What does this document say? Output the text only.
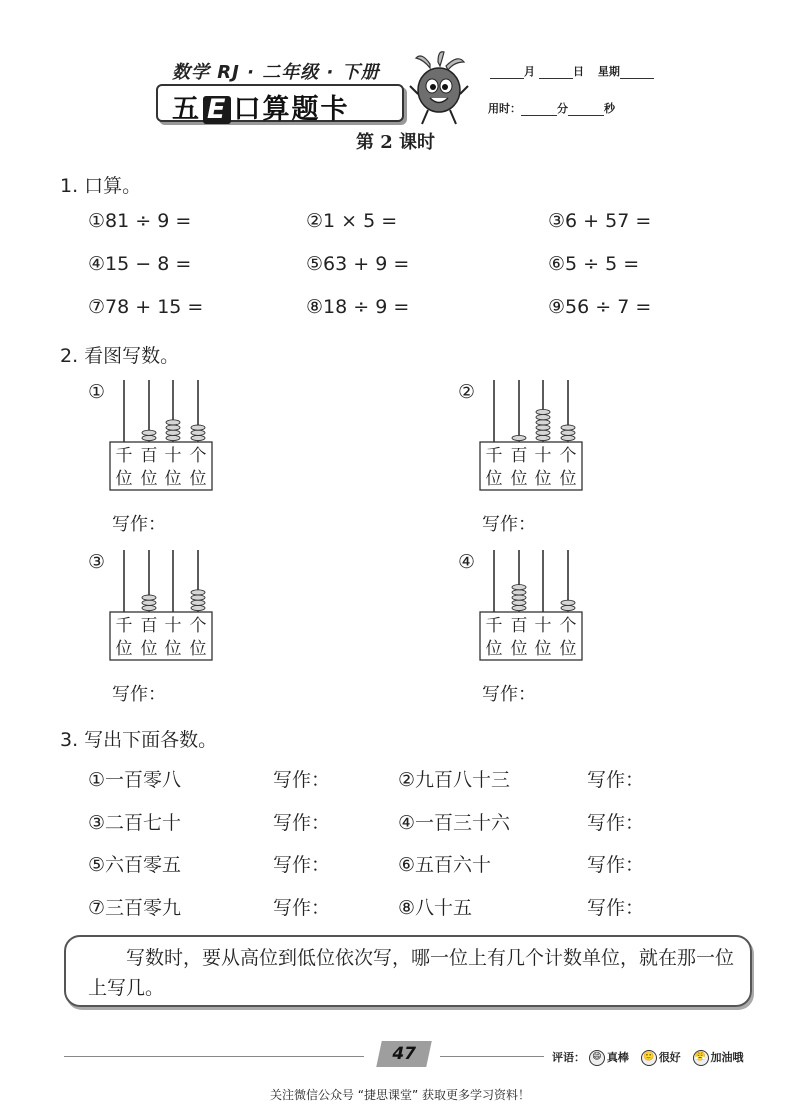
数学 RJ · 二年级 · 下册
五 E 口算题卡
月	日 星期
用时：	分	秒
第 2 课时
1. 口算。
①81 ÷ 9 =	②1 × 5 =	③6 + 57 =
④15 − 8 =	⑤63 + 9 =	⑥5 ÷ 5 =
⑦78 + 15 =	⑧18 ÷ 9 =	⑨56 ÷ 7 =
2. 看图写数。
①
千 百 十 个
位 位 位 位
写作：
②
千 百 十 个
位 位 位 位
写作：
③
千 百 十 个
位 位 位 位
写作：
④
千 百 十 个
位 位 位 位
写作：
3. 写出下面各数。
①一百零八	写作：	②九百八十三	写作：
③二百七十	写作：	④一百三十六	写作：
⑤六百零五	写作：	⑥五百六十	写作：
⑦三百零九	写作：	⑧八十五	写作：
写数时，要从高位到低位依次写，哪一位上有几个计数单位，就在那一位上写几。
47	评语： 😄 真棒 🙂 很好 😤 加油哦
关注微信公众号 “捷思课堂” 获取更多学习资料！
